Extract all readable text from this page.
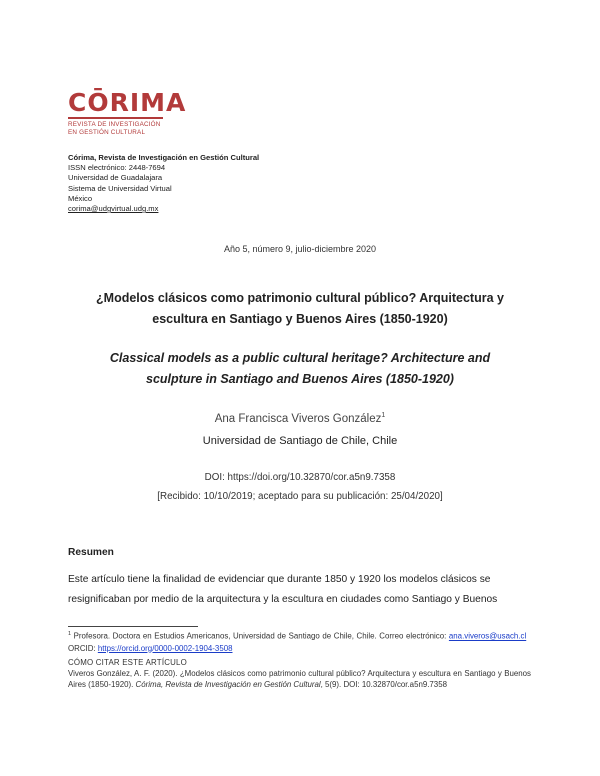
CŌRIMA
REVISTA DE INVESTIGACIÓN
EN GESTIÓN CULTURAL
Córima, Revista de Investigación en Gestión Cultural
ISSN electrónico: 2448-7694
Universidad de Guadalajara
Sistema de Universidad Virtual
México
corima@udgvirtual.udg.mx
Año 5, número 9, julio-diciembre 2020
¿Modelos clásicos como patrimonio cultural público? Arquitectura y
escultura en Santiago y Buenos Aires (1850-1920)
Classical models as a public cultural heritage? Architecture and
sculpture in Santiago and Buenos Aires (1850-1920)
Ana Francisca Viveros González$^1$
Universidad de Santiago de Chile, Chile
DOI: https://doi.org/10.32870/cor.a5n9.7358
[Recibido: 10/10/2019; aceptado para su publicación: 25/04/2020]
Resumen
Este artículo tiene la finalidad de evidenciar que durante 1850 y 1920 los modelos clásicos se
resignificaban por medio de la arquitectura y la escultura en ciudades como Santiago y Buenos
$^1$ Profesora. Doctora en Estudios Americanos, Universidad de Santiago de Chile, Chile. Correo electrónico: ana.viveros@usach.cl   ORCID: https://orcid.org/0000-0002-1904-3508
CÓMO CITAR ESTE ARTÍCULO
Viveros González, A. F. (2020). ¿Modelos clásicos como patrimonio cultural público? Arquitectura y escultura en Santiago y Buenos Aires (1850-1920). Córima, Revista de Investigación en Gestión Cultural, 5(9). DOI: 10.32870/cor.a5n9.7358
